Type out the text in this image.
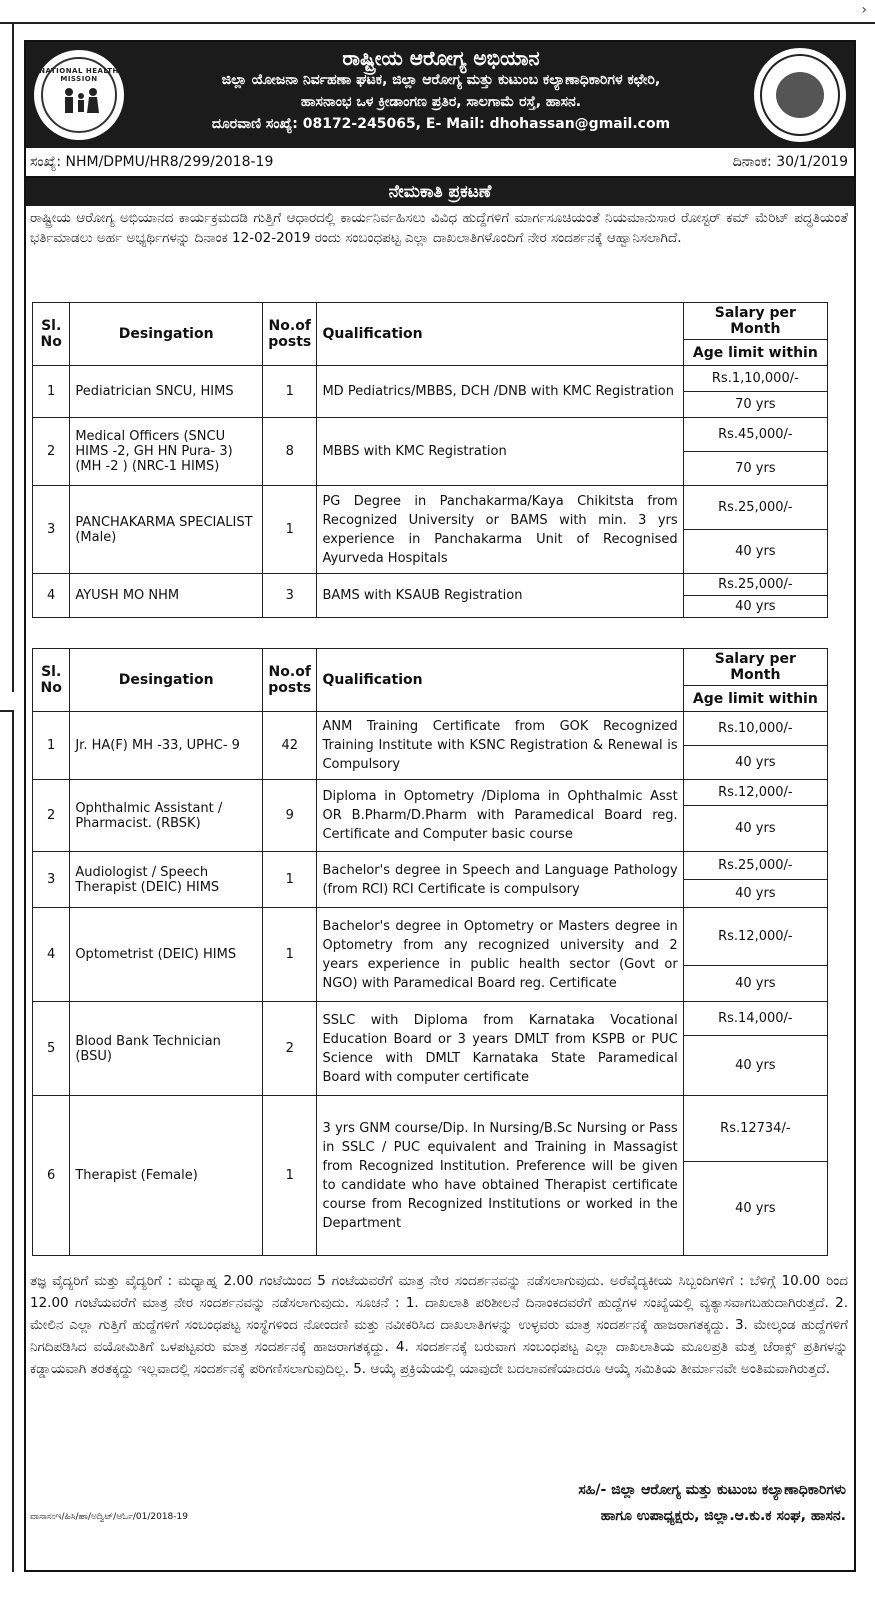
›
NATIONAL HEALTH MISSION
ರಾಷ್ಟ್ರೀಯ ಆರೋಗ್ಯ ಅಭಿಯಾನ
ಜಿಲ್ಲಾ ಯೋಜನಾ ನಿರ್ವಹಣಾ ಘಟಕ, ಜಿಲ್ಲಾ ಆರೋಗ್ಯ ಮತ್ತು ಕುಟುಂಬ ಕಲ್ಯಾಣಾಧಿಕಾರಿಗಳ ಕಛೇರಿ,
ಹಾಸನಾಂಭ ಒಳ ಕ್ರೀಡಾಂಗಣ ಪ್ರತಿರ, ಸಾಲಗಾಮೆ ರಸ್ತೆ, ಹಾಸನ.
ದೂರವಾಣಿ ಸಂಖ್ಯೆ: 08172-245065, E- Mail: dhohassan@gmail.com
ಸಂಖ್ಯೆ: NHM/DPMU/HR8/299/2018-19	ದಿನಾಂಕ: 30/1/2019
ನೇಮಕಾತಿ ಪ್ರಕಟಣೆ
ರಾಷ್ಟ್ರೀಯ ಆರೋಗ್ಯ ಅಭಿಯಾನದ ಕಾರ್ಯಕ್ರಮದಡಿ ಗುತ್ತಿಗೆ ಆಧಾರದಲ್ಲಿ ಕಾರ್ಯನಿರ್ವಹಿಸಲು ವಿವಿಧ ಹುದ್ದೆಗಳಿಗೆ ಮಾರ್ಗಸೂಚಿಯಂತೆ ನಿಯಮಾನುಸಾರ ರೋಸ್ಟರ್ ಕಮ್ ಮೆರಿಟ್ ಪದ್ಧತಿಯಂತೆ ಭರ್ತಿಮಾಡಲು ಅರ್ಹ ಅಭ್ಯರ್ಥಿಗಳನ್ನು ದಿನಾಂಕ 12-02-2019 ರಂದು ಸಂಬಂಧಪಟ್ಟ ಎಲ್ಲಾ ದಾಖಲಾತಿಗಳೊಂದಿಗೆ ನೇರ ಸಂದರ್ಶನಕ್ಕೆ ಆಹ್ವಾನಿಸಲಾಗಿದೆ.
Sl. No	Desingation	No.of posts	Qualification	Salary per Month
				Age limit within
1	Pediatrician SNCU, HIMS	1	MD Pediatrics/MBBS, DCH /DNB with KMC Registration	Rs.1,10,000/-
				70 yrs
2	Medical Officers (SNCU HIMS -2, GH HN Pura- 3) (MH -2 ) (NRC-1 HIMS)	8	MBBS with KMC Registration	Rs.45,000/-
				70 yrs
3	PANCHAKARMA SPECIALIST (Male)	1	PG Degree in Panchakarma/Kaya Chikitsta from Recognized University or BAMS with min. 3 yrs experience in Panchakarma Unit of Recognised Ayurveda Hospitals	Rs.25,000/-
				40 yrs
4	AYUSH MO NHM	3	BAMS with KSAUB Registration	Rs.25,000/-
				40 yrs
Sl. No	Desingation	No.of posts	Qualification	Salary per Month
				Age limit within
1	Jr. HA(F) MH -33, UPHC- 9	42	ANM Training Certificate from GOK Recognized Training Institute with KSNC Registration & Renewal is Compulsory	Rs.10,000/-
				40 yrs
2	Ophthalmic Assistant / Pharmacist. (RBSK)	9	Diploma in Optometry /Diploma in Ophthalmic Asst OR B.Pharm/D.Pharm with Paramedical Board reg. Certificate and Computer basic course	Rs.12,000/-
				40 yrs
3	Audiologist / Speech Therapist (DEIC) HIMS	1	Bachelor's degree in Speech and Language Pathology (from RCI) RCI Certificate is compulsory	Rs.25,000/-
				40 yrs
4	Optometrist (DEIC) HIMS	1	Bachelor's degree in Optometry or Masters degree in Optometry from any recognized university and 2 years experience in public health sector (Govt or NGO) with Paramedical Board reg. Certificate	Rs.12,000/-
				40 yrs
5	Blood Bank Technician (BSU)	2	SSLC with Diploma from Karnataka Vocational Education Board or 3 years DMLT from KSPB or PUC Science with DMLT Karnataka State Paramedical Board with computer certificate	Rs.14,000/-
				40 yrs
6	Therapist (Female)	1	3 yrs GNM course/Dip. In Nursing/B.Sc Nursing or Pass in SSLC / PUC equivalent and Training in Massagist from Recognized Institution. Preference will be given to candidate who have obtained Therapist certificate course from Recognized Institutions or worked in the Department	Rs.12734/-
				40 yrs
ತಜ್ಞ ವೈದ್ಯರಿಗೆ ಮತ್ತು ವೈದ್ಯರಿಗೆ : ಮಧ್ಯಾಹ್ನ 2.00 ಗಂಟೆಯಿಂದ 5 ಗಂಟೆಯವರೆಗೆ ಮಾತ್ರ ನೇರ ಸಂದರ್ಶನವನ್ನು ನಡೆಸಲಾಗುವುದು. ಅರೆವೈದ್ಯಕೀಯ ಸಿಬ್ಬಂದಿಗಳಿಗೆ : ಬೆಳಿಗ್ಗೆ 10.00 ರಿಂದ 12.00 ಗಂಟೆಯವರೆಗೆ ಮಾತ್ರ ನೇರ ಸಂದರ್ಶನವನ್ನು ನಡೆಸಲಾಗುವುದು. ಸೂಚನೆ : 1. ದಾಖಲಾತಿ ಪರಿಶೀಲನೆ ದಿನಾಂಕದವರೆಗೆ ಹುದ್ದೆಗಳ ಸಂಖ್ಯೆಯಲ್ಲಿ ವ್ಯತ್ಯಾಸವಾಗಬಹುದಾಗಿರುತ್ತದೆ. 2. ಮೇಲಿನ ಎಲ್ಲಾ ಗುತ್ತಿಗೆ ಹುದ್ದೆಗಳಿಗೆ ಸಂಬಂಧಪಟ್ಟ ಸಂಸ್ಥೆಗಳಿಂದ ನೋಂದಣಿ ಮತ್ತು ನವೀಕರಿಸಿದ ದಾಖಲಾತಿಗಳನ್ನು ಉಳ್ಳವರು ಮಾತ್ರ ಸಂದರ್ಶನಕ್ಕೆ ಹಾಜರಾಗತಕ್ಕದ್ದು. 3. ಮೇಲ್ಕಂಡ ಹುದ್ದೆಗಳಿಗೆ ನಿಗದಿಪಡಿಸಿದ ವಯೋಮಿತಿಗೆ ಒಳಪಟ್ಟವರು ಮಾತ್ರ ಸಂದರ್ಶನಕ್ಕೆ ಹಾಜರಾಗತಕ್ಕದ್ದು. 4. ಸಂದರ್ಶನಕ್ಕೆ ಬರುವಾಗ ಸಂಬಂಧಪಟ್ಟ ಎಲ್ಲಾ ದಾಖಲಾತಿಯ ಮೂಲಪ್ರತಿ ಮತ್ತ ಜೆರಾಕ್ಸ್ ಪ್ರತಿಗಳನ್ನು ಕಡ್ಡಾಯವಾಗಿ ತರತಕ್ಕದ್ದು ಇಲ್ಲವಾದಲ್ಲಿ ಸಂದರ್ಶನಕ್ಕೆ ಪರಿಗಣಿಸಲಾಗುವುದಿಲ್ಲ. 5. ಆಯ್ಕೆ ಪ್ರಕ್ರಿಯೆಯಲ್ಲಿ ಯಾವುದೇ ಬದಲಾವಣೆಯಾದರೂ ಆಯ್ಕೆ ಸಮಿತಿಯ ತೀರ್ಮಾನವೇ ಅಂತಿಮವಾಗಿರುತ್ತದೆ.
ಸಹಿ/- ಜಿಲ್ಲಾ ಆರೋಗ್ಯ ಮತ್ತು ಕುಟುಂಬ ಕಲ್ಯಾಣಾಧಿಕಾರಿಗಳು
ಹಾಗೂ ಉಪಾಧ್ಯಕ್ಷರು, ಜಿಲ್ಲಾ.ಆ.ಕು.ಕ ಸಂಘ, ಹಾಸನ.
ವಾಸಾಸಂಇ/ಹಿಸಿ/ಹಾ/ಅದ್ವಿಟ್/ಆರ್ಓ/01/2018-19
